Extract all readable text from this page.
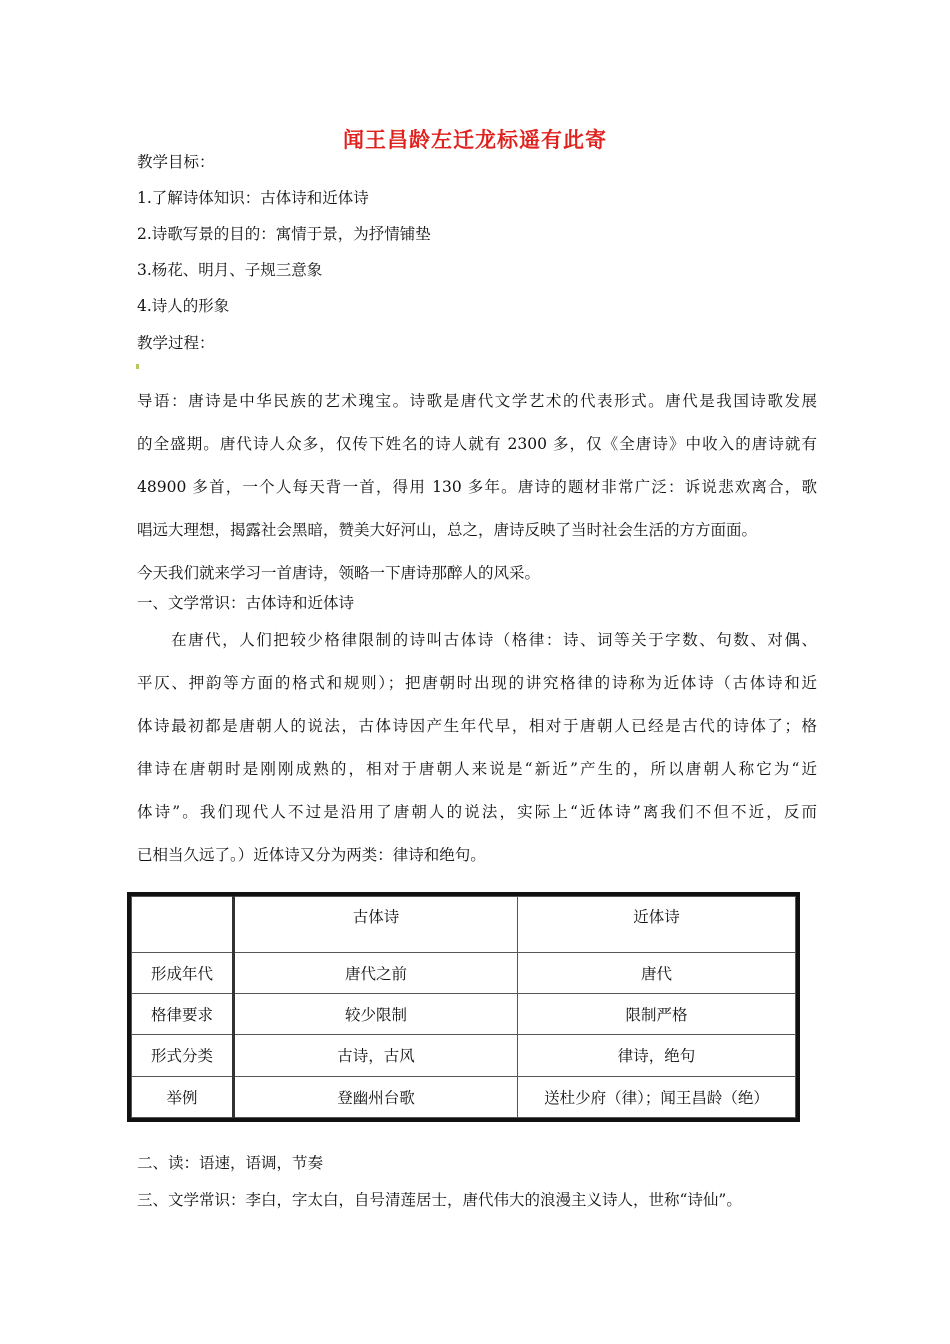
闻王昌龄左迁龙标遥有此寄
教学目标：
1.了解诗体知识：古体诗和近体诗
2.诗歌写景的目的：寓情于景，为抒情铺垫
3.杨花、明月、子规三意象
4.诗人的形象
教学过程：
导语：唐诗是中华民族的艺术瑰宝。诗歌是唐代文学艺术的代表形式。唐代是我国诗歌发展
的全盛期。唐代诗人众多，仅传下姓名的诗人就有 2300 多，仅《全唐诗》中收入的唐诗就有
48900 多首，一个人每天背一首，得用 130 多年。唐诗的题材非常广泛：诉说悲欢离合，歌
唱远大理想，揭露社会黑暗，赞美大好河山，总之，唐诗反映了当时社会生活的方方面面。
今天我们就来学习一首唐诗，领略一下唐诗那醉人的风采。
一、文学常识：古体诗和近体诗
　　在唐代，人们把较少格律限制的诗叫古体诗（格律：诗、词等关于字数、句数、对偶、
平仄、押韵等方面的格式和规则）；把唐朝时出现的讲究格律的诗称为近体诗（古体诗和近
体诗最初都是唐朝人的说法，古体诗因产生年代早，相对于唐朝人已经是古代的诗体了；格
律诗在唐朝时是刚刚成熟的，相对于唐朝人来说是“新近”产生的，所以唐朝人称它为“近
体诗”。我们现代人不过是沿用了唐朝人的说法，实际上“近体诗”离我们不但不近，反而
已相当久远了。）近体诗又分为两类：律诗和绝句。
	古体诗	近体诗
形成年代	唐代之前	唐代
格律要求	较少限制	限制严格
形式分类	古诗，古风	律诗，绝句
举例	登幽州台歌	送杜少府（律）；闻王昌龄（绝）
二、读：语速，语调，节奏
三、文学常识：李白，字太白，自号清莲居士，唐代伟大的浪漫主义诗人，世称“诗仙”。
